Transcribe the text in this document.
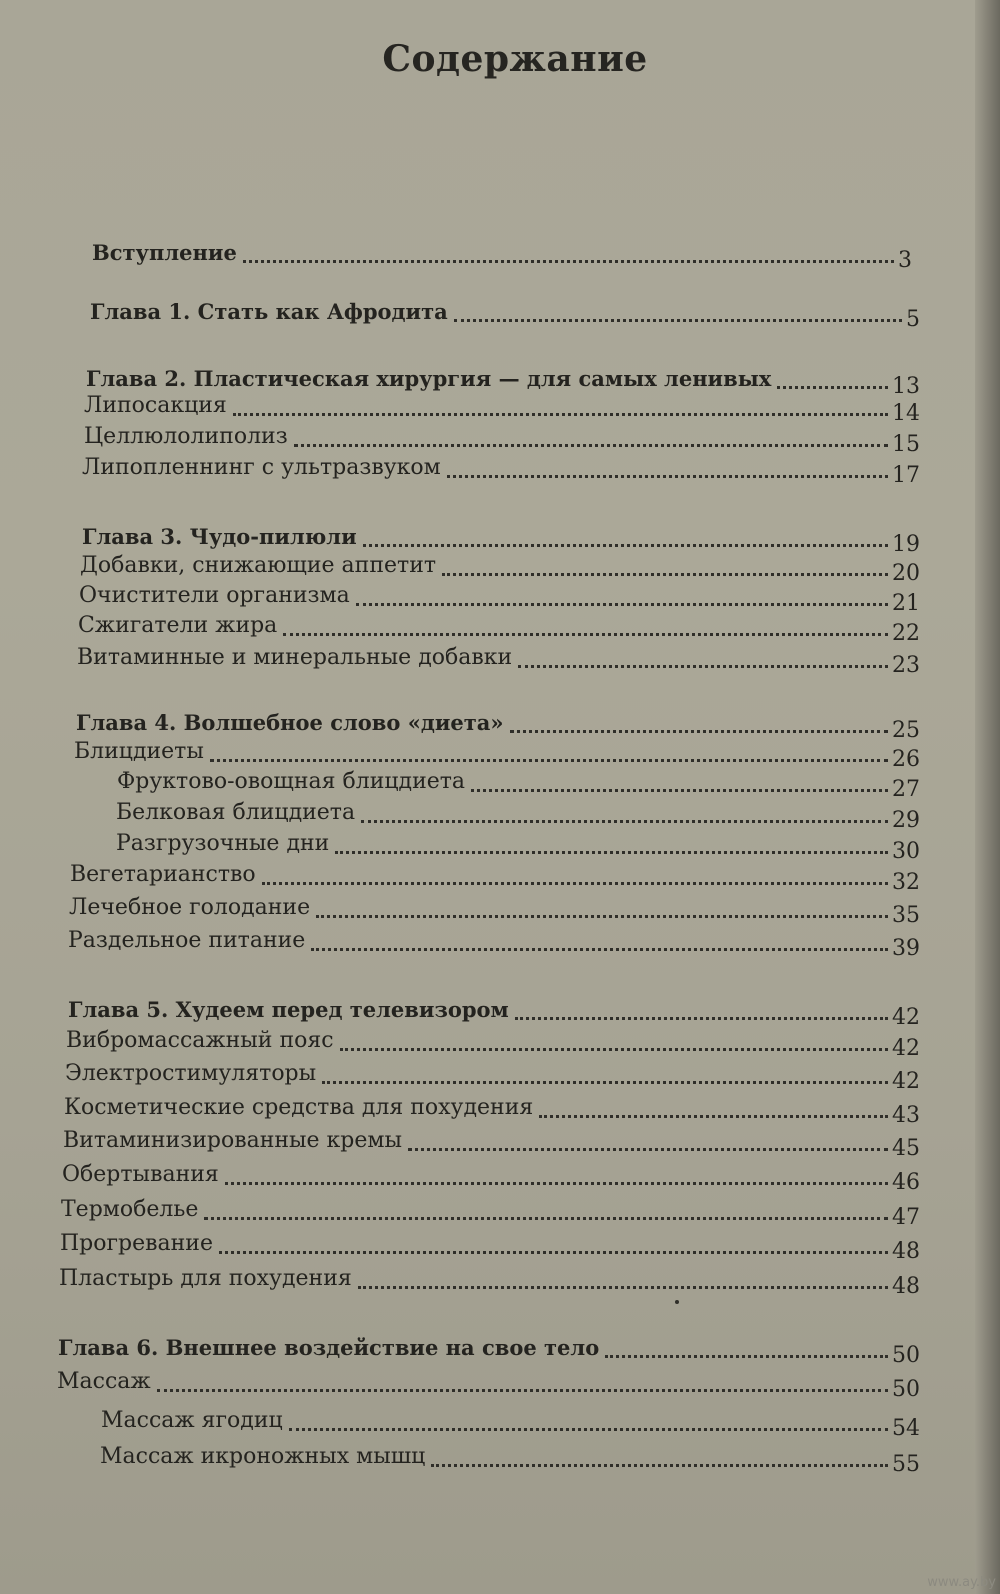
Содержание
Вступление	3
Глава 1. Стать как Афродита	5
Глава 2. Пластическая хирургия — для самых ленивых	13
Липосакция	14
Целлюлолиполиз	15
Липопленнинг с ультразвуком	17
Глава 3. Чудо-пилюли	19
Добавки, снижающие аппетит	20
Очистители организма	21
Сжигатели жира	22
Витаминные и минеральные добавки	23
Глава 4. Волшебное слово «диета»	25
Блицдиеты	26
Фруктово-овощная блицдиета	27
Белковая блицдиета	29
Разгрузочные дни	30
Вегетарианство	32
Лечебное голодание	35
Раздельное питание	39
Глава 5. Худеем перед телевизором	42
Вибромассажный пояс	42
Электростимуляторы	42
Косметические средства для похудения	43
Витаминизированные кремы	45
Обертывания	46
Термобелье	47
Прогревание	48
Пластырь для похудения	48
Глава 6. Внешнее воздействие на свое тело	50
Массаж	50
Массаж ягодиц	54
Массаж икроножных мышц	55
www.ay.by
